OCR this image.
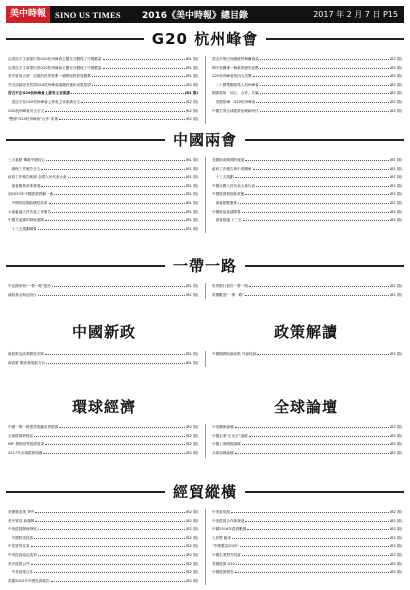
美中時報	SINO US TIMES 2016《美中時報》總目錄	2017 年 2 月 7 日 P15
G20 杭州峰會
由習近平主席提出的G20杭州峰會主題充分體現了中國擔當	(B1 期)
由習近平主席提出的G20杭州峰會主題充分體現了中國擔當	(B1 期)
美中貿易大使：前進的世界需要一個開放的貿易體系	(B1 期)
外交部副部長答問G20杭州峰會議題設置和成果展望	(B2 期)
習近平在G20杭州峰會上發表主旨演講	(B2 期)
　習近平在G20杭州峰會上發表主旨演講全文	(B2 期)
G20杭州峰會宣言全文	(B2 期)
"雙創"G20杭州峰會"合作"成果	(B2 期)
習近平與巴西總統特梅爾會談	(B2 期)
開中美關係一個新的歷史起點	(B2 期)
G20杭州峰會的四大亮點	(B2 期)
　二十國集團領導人杭州峰會	(B2 期)
國際視角：信心、合作、共贏	(B2 期)
　美國智庫：G20杭州峰會	(B2 期)
中國主導全球經濟治理新時代	(B2 期)
中國兩會
三大看點 傳遞中國信心	(B1 期)
　總理工作報告全文	(B1 期)
政府工作報告解讀 全國人民代表大會	(B1 期)
　兩會聚焦改革發展	(B1 期)
到2020年中國經濟將翻一番	(B1 期)
　中國供給側結構性改革	(B1 期)
大會審議人民代表工作報告	(B1 期)
中國共產黨的發展道路	(B1 期)
　十三五規劃綱要	(B1 期)
美國兩會期間的報道	(B1 期)
政府工作報告與中美關係	(B1 期)
　十三五規劃	(B1 期)
中國全國人民代表大會代表	(B1 期)
中國經濟發展新常態	(B1 期)
　兩會熱點聚焦	(B1 期)
中國政協會議閉幕	(B1 期)
　兩會熱議 十三五	(B1 期)
一帶一路
中亞國家與"一帶一路"建設	(B1 期)
絲路基金與亞投行	(B1 期)
世界銀行看好一帶一路	(B1 期)
美國歡迎"一帶一路"	(B1 期)
中國新政	政策解讀
新政策為改革開放引路	(B1 期)
新政策 國家發展新方向	(B1 期)
中國國務院新政策 外商投資	(B1 期)
環球經濟	全球論壇
中國一帶一路建設推動世界經濟	(B2 期)
全球經濟新格局	(B2 期)
IMF 發佈世界經濟展望	(B2 期)
2017年全球經濟預測	(B2 期)
中美關係論壇	(B2 期)
中國企業"走出去"論壇	(B2 期)
中國上海國際論壇	(B2 期)
全球治理論壇	(B2 期)
經貿縱橫
美國製造業 TPP	(B2 期)
美中貿易 新趨勢	(B2 期)
中美經貿關係發展	(B2 期)
　中國對美投資	(B2 期)
中美貿易往來	(B2 期)
中美投資協定談判	(B2 期)
美中經貿合作	(B2 期)
　中美商業合作	(B2 期)
美國2015年中國投資報告	(B2 期)
中美貿易展	(B2 期)
中美經貿合作新發展	(B2 期)
中國2016年經濟數據	(B2 期)
人民幣 匯率	(B2 期)
"中國製造2025"	(B2 期)
中國企業對外投資	(B2 期)
美國經濟 G20	(B2 期)
中國經濟增長	(B2 期)
